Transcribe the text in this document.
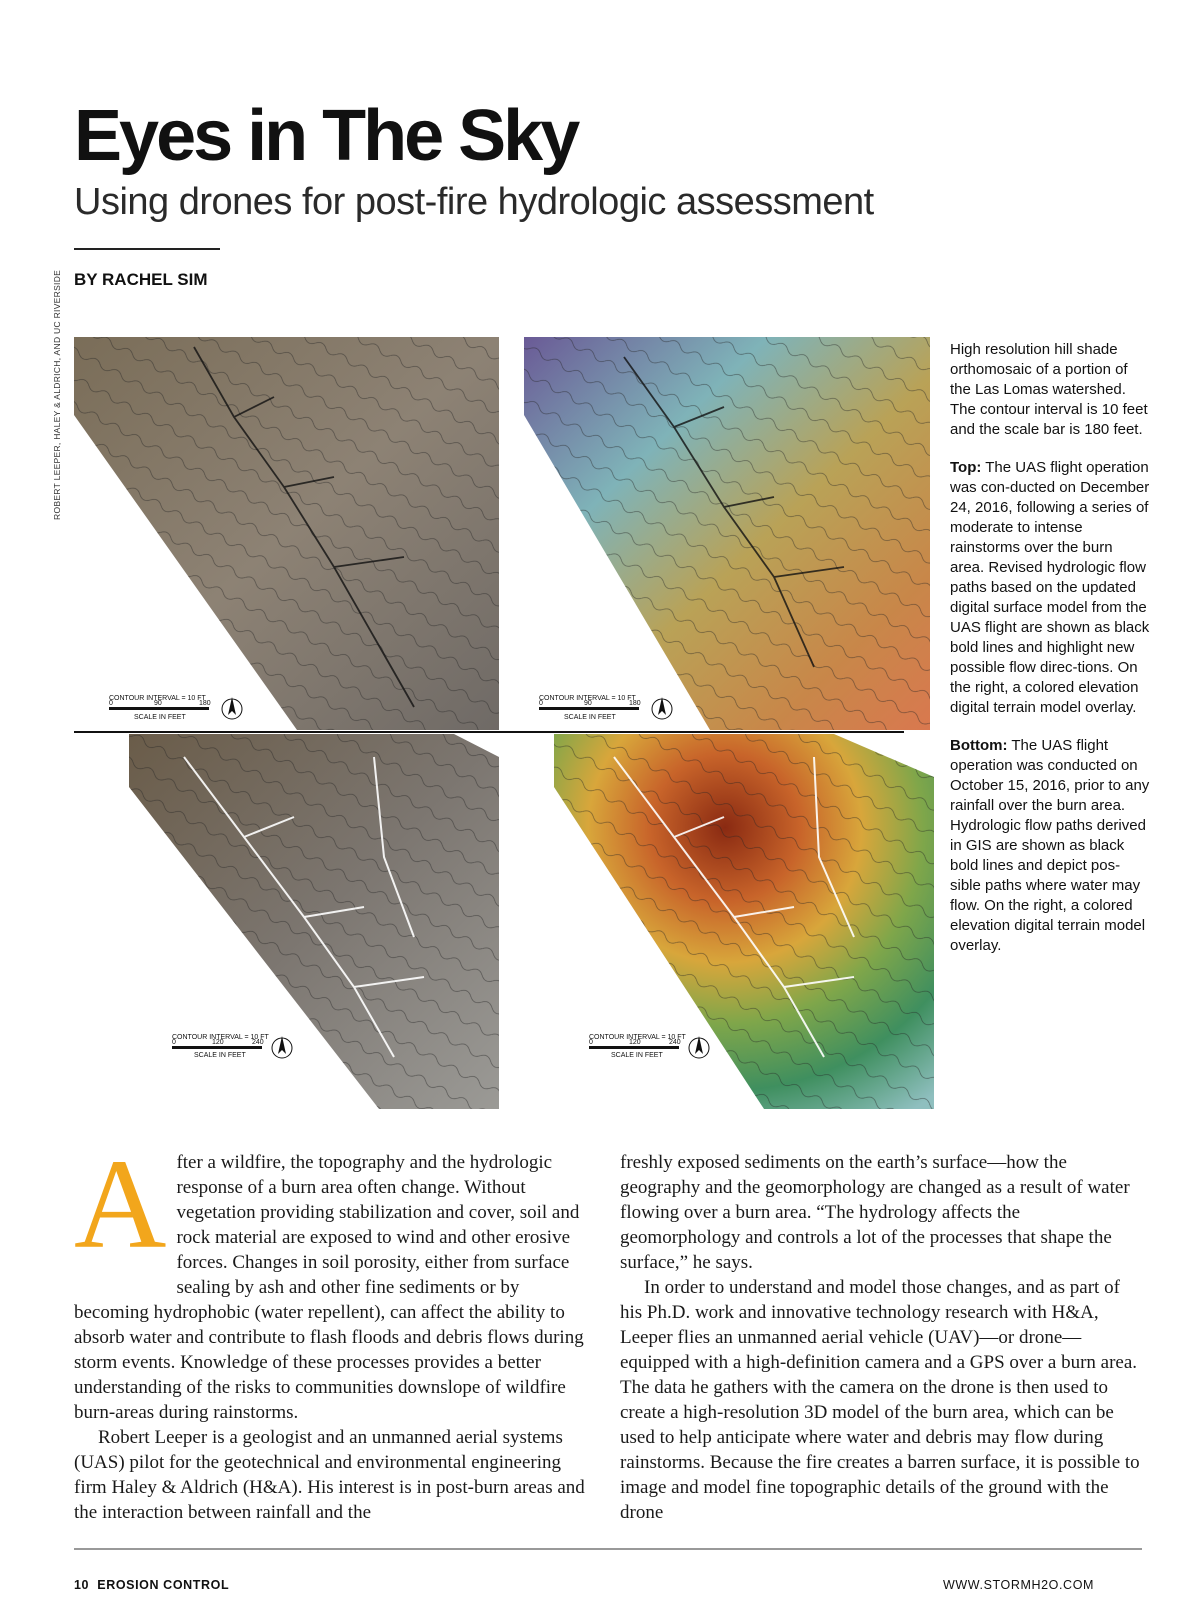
Eyes in The Sky
Using drones for post-fire hydrologic assessment
BY RACHEL SIM
ROBERT LEEPER, HALEY & ALDRICH, AND UC RIVERSIDE
CONTOUR INTERVAL = 10 FT
0	90	180
SCALE IN FEET
CONTOUR INTERVAL = 10 FT
0	90	180
SCALE IN FEET
CONTOUR INTERVAL = 10 FT
0	120	240
SCALE IN FEET
CONTOUR INTERVAL = 10 FT
0	120	240
SCALE IN FEET

High resolution hill shade orthomosaic of a portion of the Las Lomas watershed. The contour interval is 10 feet and the scale bar is 180 feet.

Top: The UAS flight operation was con-ducted on December 24, 2016, following a series of moderate to intense rainstorms over the burn area. Revised hydrologic flow paths based on the updated digital surface model from the UAS flight are shown as black bold lines and highlight new possible flow direc-tions. On the right, a colored elevation digital terrain model overlay.

Bottom: The UAS flight operation was conducted on October 15, 2016, prior to any rainfall over the burn area. Hydrologic flow paths derived in GIS are shown as black bold lines and depict pos-sible paths where water may flow. On the right, a colored elevation digital terrain model overlay.

A fter a wildfire, the topography and the hydrologic response of a burn area often change. Without vegetation providing stabilization and cover, soil and rock material are exposed to wind and other erosive forces. Changes in soil porosity, either from surface sealing by ash and other fine sediments or by becoming hydrophobic (water repellent), can affect the ability to absorb water and contribute to flash floods and debris flows during storm events. Knowledge of these processes provides a better understanding of the risks to communities downslope of wildfire burn-areas during rainstorms.

Robert Leeper is a geologist and an unmanned aerial systems (UAS) pilot for the geotechnical and environmental engineering firm Haley & Aldrich (H&A). His interest is in post-burn areas and the interaction between rainfall and the

freshly exposed sediments on the earth’s surface—how the geography and the geomorphology are changed as a result of water flowing over a burn area. “The hydrology affects the geomorphology and controls a lot of the processes that shape the surface,” he says.

In order to understand and model those changes, and as part of his Ph.D. work and innovative technology research with H&A, Leeper flies an unmanned aerial vehicle (UAV)—or drone—equipped with a high-definition camera and a GPS over a burn area. The data he gathers with the camera on the drone is then used to create a high-resolution 3D model of the burn area, which can be used to help anticipate where water and debris may flow during rainstorms. Because the fire creates a barren surface, it is possible to image and model fine topographic details of the ground with the drone

10 EROSION CONTROL	WWW.STORMH2O.COM
